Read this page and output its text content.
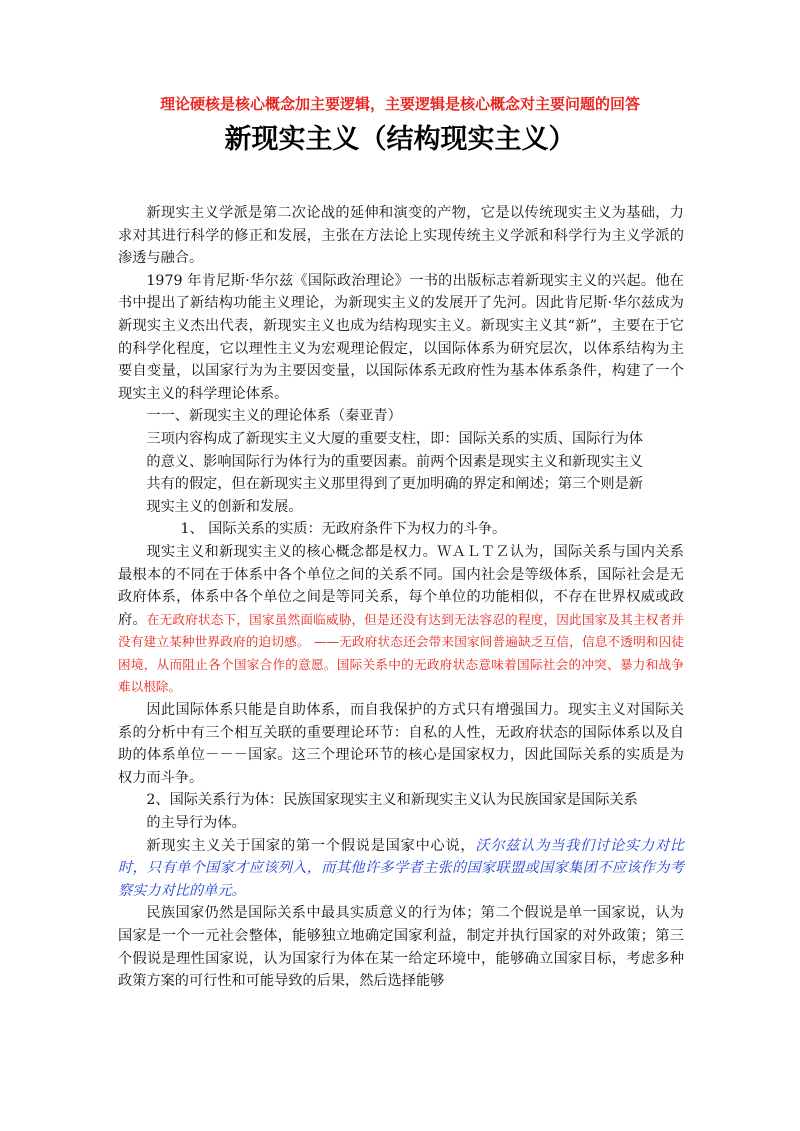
理论硬核是核心概念加主要逻辑，主要逻辑是核心概念对主要问题的回答
新现实主义（结构现实主义）

新现实主义学派是第二次论战的延伸和演变的产物，它是以传统现实主义为基础，力求对其进行科学的修正和发展，主张在方法论上实现传统主义学派和科学行为主义学派的渗透与融合。

1979 年肯尼斯·华尔兹《国际政治理论》一书的出版标志着新现实主义的兴起。他在书中提出了新结构功能主义理论，为新现实主义的发展开了先河。因此肯尼斯·华尔兹成为新现实主义杰出代表，新现实主义也成为结构现实主义。新现实主义其“新”，主要在于它的科学化程度，它以理性主义为宏观理论假定，以国际体系为研究层次，以体系结构为主要自变量，以国家行为为主要因变量，以国际体系无政府性为基本体系条件，构建了一个现实主义的科学理论体系。

一一、新现实主义的理论体系（秦亚青）

三项内容构成了新现实主义大厦的重要支柱，即：国际关系的实质、国际行为体

的意义、影响国际行为体行为的重要因素。前两个因素是现实主义和新现实主义

共有的假定，但在新现实主义那里得到了更加明确的界定和阐述；第三个则是新

现实主义的创新和发展。

1、 国际关系的实质：无政府条件下为权力的斗争。

现实主义和新现实主义的核心概念都是权力。ＷＡＬＴＺ认为，国际关系与国内关系最根本的不同在于体系中各个单位之间的关系不同。国内社会是等级体系，国际社会是无政府体系，体系中各个单位之间是等同关系，每个单位的功能相似，不存在世界权威或政府。在无政府状态下，国家虽然面临威胁，但是还没有达到无法容忍的程度，因此国家及其主权者并没有建立某种世界政府的迫切感。 ——无政府状态还会带来国家间普遍缺乏互信，信息不透明和囚徒困境，从而阻止各个国家合作的意愿。国际关系中的无政府状态意味着国际社会的冲突、暴力和战争难以根除。

因此国际体系只能是自助体系，而自我保护的方式只有增强国力。现实主义对国际关系的分析中有三个相互关联的重要理论环节：自私的人性，无政府状态的国际体系以及自助的体系单位－－－国家。这三个理论环节的核心是国家权力，因此国际关系的实质是为权力而斗争。

2、国际关系行为体：民族国家现实主义和新现实主义认为民族国家是国际关系

的主导行为体。

新现实主义关于国家的第一个假说是国家中心说，沃尔兹认为当我们讨论实力对比时，只有单个国家才应该列入，而其他许多学者主张的国家联盟或国家集团不应该作为考察实力对比的单元。

民族国家仍然是国际关系中最具实质意义的行为体；第二个假说是单一国家说，认为国家是一个一元社会整体，能够独立地确定国家利益，制定并执行国家的对外政策；第三个假说是理性国家说，认为国家行为体在某一给定环境中，能够确立国家目标，考虑多种政策方案的可行性和可能导致的后果，然后选择能够
